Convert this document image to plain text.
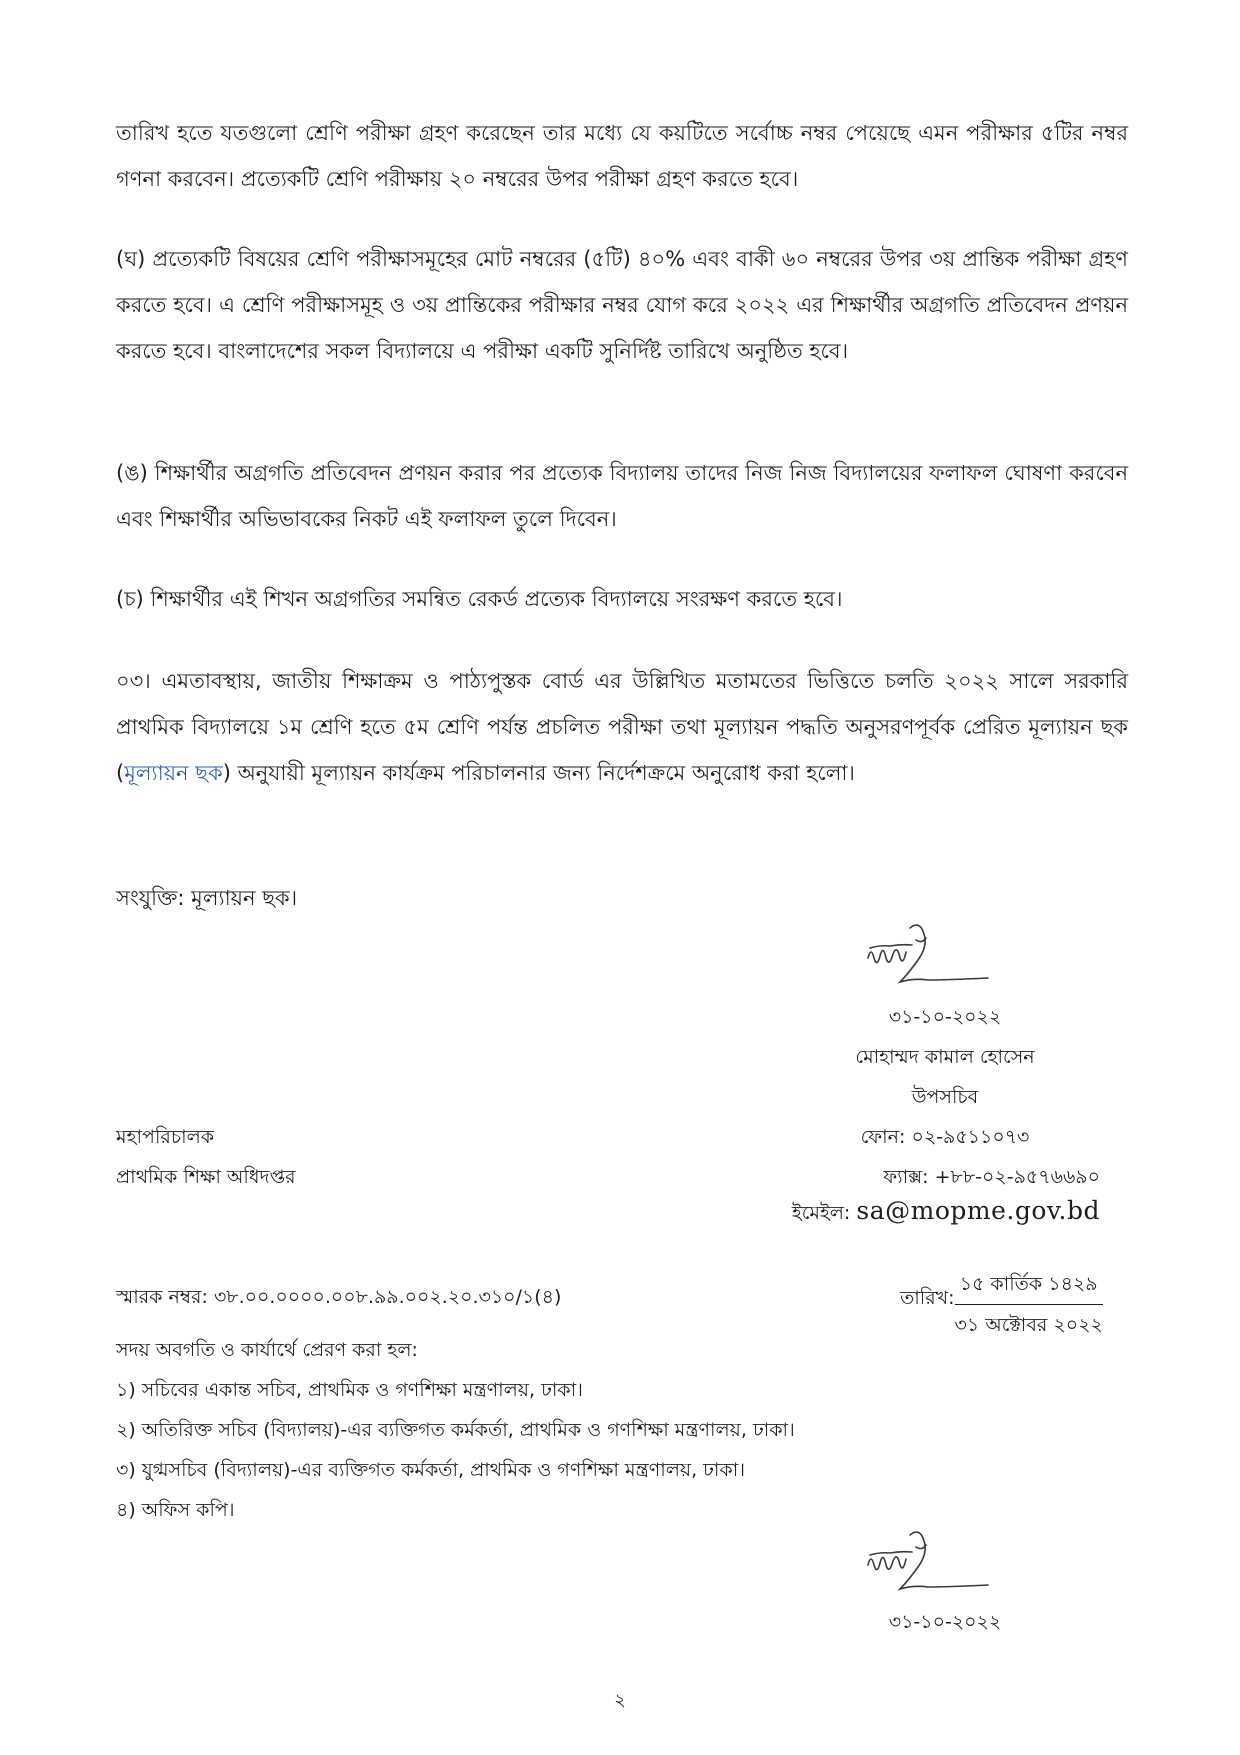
তারিখ হতে যতগুলো শ্রেণি পরীক্ষা গ্রহণ করেছেন তার মধ্যে যে কয়টিতে সর্বোচ্চ নম্বর পেয়েছে এমন পরীক্ষার ৫টির নম্বর গণনা করবেন। প্রত্যেকটি শ্রেণি পরীক্ষায় ২০ নম্বরের উপর পরীক্ষা গ্রহণ করতে হবে।

(ঘ) প্রত্যেকটি বিষয়ের শ্রেণি পরীক্ষাসমূহের মোট নম্বরের (৫টি) ৪০% এবং বাকী ৬০ নম্বরের উপর ৩য় প্রান্তিক পরীক্ষা গ্রহণ করতে হবে। এ শ্রেণি পরীক্ষাসমূহ ও ৩য় প্রান্তিকের পরীক্ষার নম্বর যোগ করে ২০২২ এর শিক্ষার্থীর অগ্রগতি প্রতিবেদন প্রণয়ন করতে হবে। বাংলাদেশের সকল বিদ্যালয়ে এ পরীক্ষা একটি সুনির্দিষ্ট তারিখে অনুষ্ঠিত হবে।

(ঙ) শিক্ষার্থীর অগ্রগতি প্রতিবেদন প্রণয়ন করার পর প্রত্যেক বিদ্যালয় তাদের নিজ নিজ বিদ্যালয়ের ফলাফল ঘোষণা করবেন এবং শিক্ষার্থীর অভিভাবকের নিকট এই ফলাফল তুলে দিবেন।

(চ) শিক্ষার্থীর এই শিখন অগ্রগতির সমন্বিত রেকর্ড প্রত্যেক বিদ্যালয়ে সংরক্ষণ করতে হবে।

০৩। এমতাবস্থায়, জাতীয় শিক্ষাক্রম ও পাঠ্যপুস্তক বোর্ড এর উল্লিখিত মতামতের ভিত্তিতে চলতি ২০২২ সালে সরকারি প্রাথমিক বিদ্যালয়ে ১ম শ্রেণি হতে ৫ম শ্রেণি পর্যন্ত প্রচলিত পরীক্ষা তথা মূল্যায়ন পদ্ধতি অনুসরণপূর্বক প্রেরিত মূল্যায়ন ছক (মূল্যায়ন ছক) অনুযায়ী মূল্যায়ন কার্যক্রম পরিচালনার জন্য নির্দেশক্রমে অনুরোধ করা হলো।

সংযুক্তি: মূল্যায়ন ছক।

৩১-১০-২০২২

মোহাম্মদ কামাল হোসেন

উপসচিব

মহাপরিচালক	ফোন: ০২-৯৫১১০৭৩

প্রাথমিক শিক্ষা অধিদপ্তর	ফ্যাক্স: +৮৮-০২-৯৫৭৬৬৯০

ইমেইল: sa@mopme.gov.bd

স্মারক নম্বর: ৩৮.০০.০০০০.০০৮.৯৯.০০২.২০.৩১০/১(৪)	তারিখ: $\frac{\text{১৫ কার্তিক ১৪২৯}}{\text{৩১ অক্টোবর ২০২২}}$

সদয় অবগতি ও কার্যার্থে প্রেরণ করা হল:

১) সচিবের একান্ত সচিব, প্রাথমিক ও গণশিক্ষা মন্ত্রণালয়, ঢাকা।

২) অতিরিক্ত সচিব (বিদ্যালয়)-এর ব্যক্তিগত কর্মকর্তা, প্রাথমিক ও গণশিক্ষা মন্ত্রণালয়, ঢাকা।

৩) যুগ্মসচিব (বিদ্যালয়)-এর ব্যক্তিগত কর্মকর্তা, প্রাথমিক ও গণশিক্ষা মন্ত্রণালয়, ঢাকা।

৪) অফিস কপি।

৩১-১০-২০২২

২
